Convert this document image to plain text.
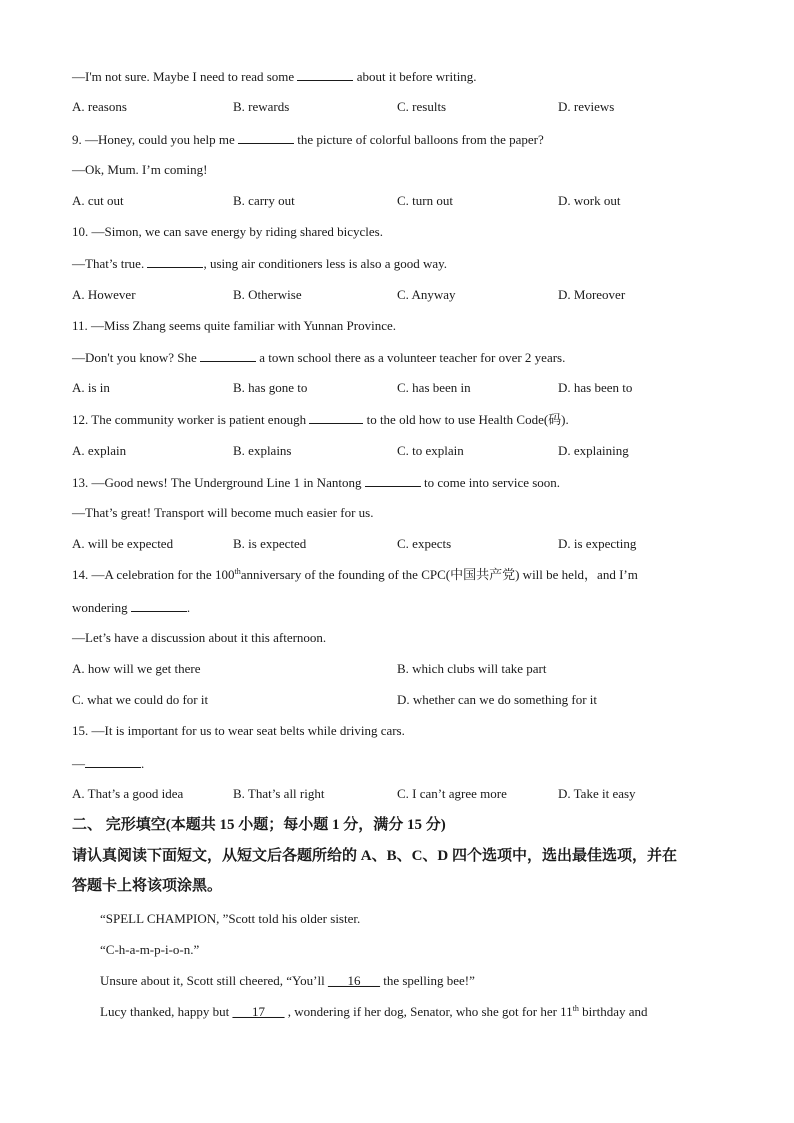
—I'm not sure. Maybe I need to read some	about it before writing.
A. reasons	B. rewards	C. results	D. reviews
9. —Honey, could you help me	the picture of colorful balloons from the paper?
—Ok, Mum. I’m coming!
A. cut out	B. carry out	C. turn out	D. work out
10. —Simon, we can save energy by riding shared bicycles.
—That’s true.	, using air conditioners less is also a good way.
A. However	B. Otherwise	C. Anyway	D. Moreover
11. —Miss Zhang seems quite familiar with Yunnan Province.
—Don't you know? She	a town school there as a volunteer teacher for over 2 years.
A. is in	B. has gone to	C. has been in	D. has been to
12. The community worker is patient enough	to the old how to use Health Code(码).
A. explain	B. explains	C. to explain	D. explaining
13. —Good news! The Underground Line 1 in Nantong	to come into service soon.
—That’s great! Transport will become much easier for us.
A. will be expected	B. is expected	C. expects	D. is expecting
14. —A celebration for the 100thanniversary of the founding of the CPC(中国共产党) will be held，and I’m
wondering	.
—Let’s have a discussion about it this afternoon.
A. how will we get there	B. which clubs will take part
C. what we could do for it	D. whether can we do something for it
15. —It is important for us to wear seat belts while driving cars.
—	.
A. That’s a good idea	B. That’s all right	C. I can’t agree more	D. Take it easy
二、 完形填空(本题共 15 小题；每小题 1 分，满分 15 分)
请认真阅读下面短文，从短文后各题所给的 A、B、C、D 四个选项中，选出最佳选项，并在
答题卡上将该项涂黑。
“SPELL CHAMPION, ”Scott told his older sister.
“C-h-a-m-p-i-o-n.”
Unsure about it, Scott still cheered, “You’ll ___16___ the spelling bee!”
Lucy thanked, happy but ___17___ , wondering if her dog, Senator, who she got for her 11th birthday and
